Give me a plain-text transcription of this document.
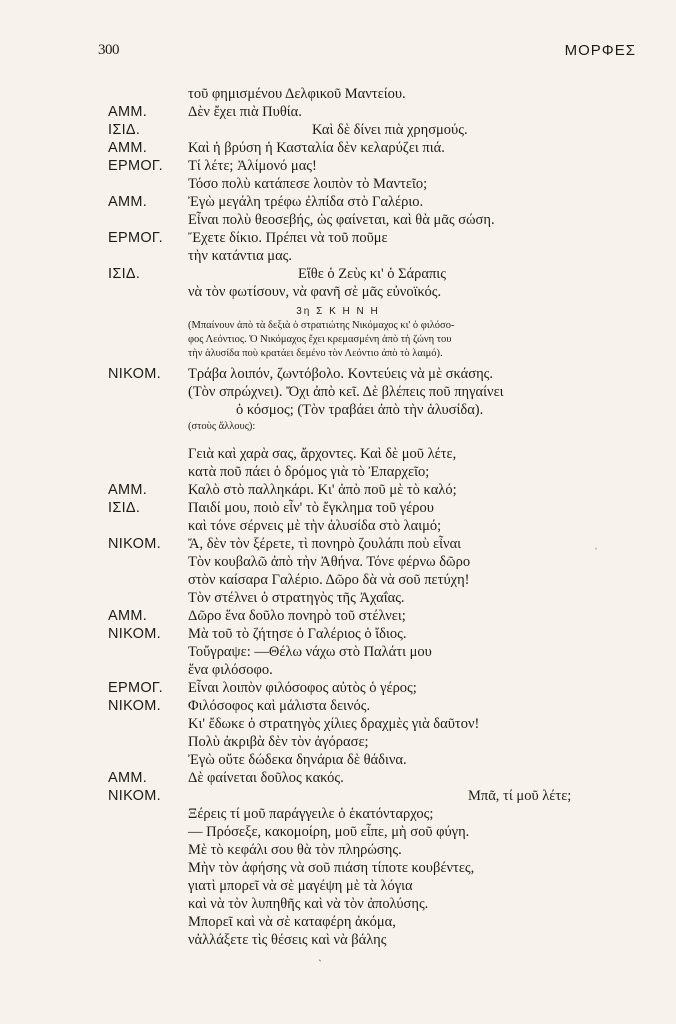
300	ΜΟΡΦΕΣ
τοῦ φημισμένου Δελφικοῦ Μαντείου.
ΑΜΜ.	Δὲν ἔχει πιὰ Πυθία.
ΙΣΙΔ.	Καὶ δὲ δίνει πιὰ χρησμούς.
ΑΜΜ.	Καὶ ἡ βρύση ἡ Κασταλία δὲν κελαρύζει πιά.
ΕΡΜΟΓ. Τί λέτε; Ἀλίμονό μας!
Τόσο πολὺ κατάπεσε λοιπὸν τὸ Μαντεῖο;
ΑΜΜ.	Ἐγὼ μεγάλη τρέφω ἐλπίδα στὸ Γαλέριο.
Εἶναι πολὺ θεοσεβής, ὡς φαίνεται, καὶ θὰ μᾶς σώση.
ΕΡΜΟΓ. Ἔχετε δίκιο. Πρέπει νὰ τοῦ ποῦμε
τὴν κατάντια μας.
ΙΣΙΔ.	Εἴθε ὁ Ζεὺς κι' ὁ Σάραπις
νὰ τὸν φωτίσουν, νὰ φανῆ σὲ μᾶς εὐνοϊκός.
3η Σ Κ Η Ν Η
(Μπαίνουν ἀπὸ τὰ δεξιὰ ὁ στρατιώτης Νικόμαχος κι' ὁ φιλόσο-
φος Λεόντιος. Ὁ Νικόμαχος ἔχει κρεμασμένη ἀπὸ τὴ ζώνη του
τὴν ἁλυσίδα ποὺ κρατάει δεμένο τὸν Λεόντιο ἀπὸ τὸ λαιμό).
ΝΙΚΟΜ. Τράβα λοιπόν, ζωντόβολο. Κοντεύεις νὰ μὲ σκάσης.
(Τὸν σπρώχνει). Ὄχι ἀπὸ κεῖ. Δὲ βλέπεις ποῦ πηγαίνει
ὁ κόσμος; (Τὸν τραβάει ἀπὸ τὴν ἁλυσίδα).
(στοὺς ἄλλους):
Γειὰ καὶ χαρὰ σας, ἄρχοντες. Καὶ δὲ μοῦ λέτε,
κατὰ ποῦ πάει ὁ δρόμος γιὰ τὸ Ἐπαρχεῖο;
ΑΜΜ.	Καλὸ στὸ παλληκάρι. Κι' ἀπὸ ποῦ μὲ τὸ καλό;
ΙΣΙΔ.	Παιδί μου, ποιὸ εἶν' τὸ ἔγκλημα τοῦ γέρου
καὶ τόνε σέρνεις μὲ τὴν ἁλυσίδα στὸ λαιμό;
ΝΙΚΟΜ. Ἄ, δὲν τὸν ξέρετε, τὶ πονηρὸ ζουλάπι ποὺ εἶναι
Τὸν κουβαλῶ ἀπὸ τὴν Ἀθήνα. Τόνε φέρνω δῶρο
στὸν καίσαρα Γαλέριο. Δῶρο δὰ νὰ σοῦ πετύχη!
Τὸν στέλνει ὁ στρατηγὸς τῆς Ἀχαΐας.
ΑΜΜ.	Δῶρο ἕνα δοῦλο πονηρὸ τοῦ στέλνει;
ΝΙΚΟΜ. Μὰ τοῦ τὸ ζήτησε ὁ Γαλέριος ὁ ἴδιος.
Τοὔγραψε: —Θέλω νάχω στὸ Παλάτι μου
ἕνα φιλόσοφο.
ΕΡΜΟΓ. Εἶναι λοιπὸν φιλόσοφος αὐτὸς ὁ γέρος;
ΝΙΚΟΜ. Φιλόσοφος καὶ μάλιστα δεινός.
Κι' ἔδωκε ὁ στρατηγὸς χίλιες δραχμὲς γιὰ δαῦτον!
Πολὺ ἀκριβὰ δὲν τὸν ἀγόρασε;
Ἐγὼ οὔτε δώδεκα δηνάρια δὲ θάδινα.
ΑΜΜ.	Δὲ φαίνεται δοῦλος κακός.
ΝΙΚΟΜ.	Μπᾶ, τί μοῦ λέτε;
Ξέρεις τί μοῦ παράγγειλε ὁ ἑκατόνταρχος;
— Πρόσεξε, κακομοίρη, μοῦ εἶπε, μὴ σοῦ φύγη.
Μὲ τὸ κεφάλι σου θὰ τὸν πληρώσης.
Μὴν τὸν ἀφήσης νὰ σοῦ πιάση τίποτε κουβέντες,
γιατὶ μπορεῖ νὰ σὲ μαγέψη μὲ τὰ λόγια
καὶ νὰ τὸν λυπηθῆς καὶ νὰ τὸν ἀπολύσης.
Μπορεῖ καὶ νὰ σὲ καταφέρη ἀκόμα,
νἀλλάξετε τὶς θέσεις καὶ νὰ βάλης
ˌ
ˏ
